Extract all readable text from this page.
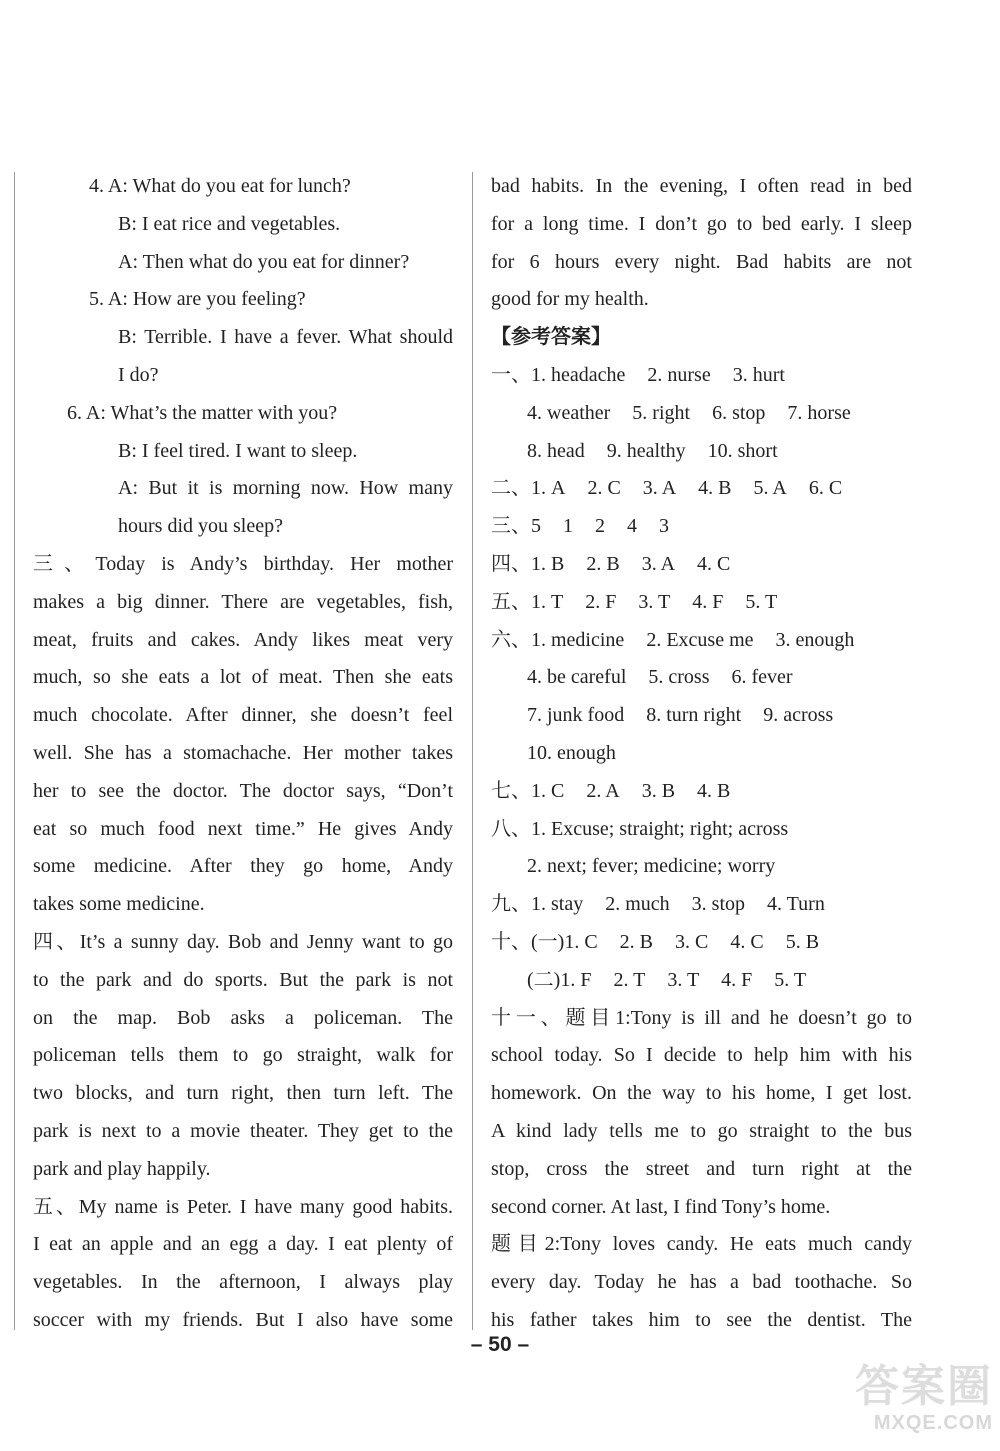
4. A: What do you eat for lunch?
B: I eat rice and vegetables.
A: Then what do you eat for dinner?
5. A: How are you feeling?
B: Terrible. I have a fever. What should
I do?
6. A: What’s the matter with you?
B: I feel tired. I want to sleep.
A: But it is morning now. How many
hours did you sleep?
三、Today is Andy’s birthday. Her mother
makes a big dinner. There are vegetables, fish,
meat, fruits and cakes. Andy likes meat very
much, so she eats a lot of meat. Then she eats
much chocolate. After dinner, she doesn’t feel
well. She has a stomachache. Her mother takes
her to see the doctor. The doctor says, “Don’t
eat so much food next time.” He gives Andy
some medicine. After they go home, Andy
takes some medicine.
四、It’s a sunny day. Bob and Jenny want to go
to the park and do sports. But the park is not
on the map. Bob asks a policeman. The
policeman tells them to go straight, walk for
two blocks, and turn right, then turn left. The
park is next to a movie theater. They get to the
park and play happily.
五、My name is Peter. I have many good habits.
I eat an apple and an egg a day. I eat plenty of
vegetables. In the afternoon, I always play
soccer with my friends. But I also have some
bad habits. In the evening, I often read in bed
for a long time. I don’t go to bed early. I sleep
for 6 hours every night. Bad habits are not
good for my health.
【参考答案】
一、1. headache 2. nurse 3. hurt
4. weather 5. right 6. stop 7. horse
8. head 9. healthy 10. short
二、1. A 2. C 3. A 4. B 5. A 6. C
三、5 1 2 4 3
四、1. B 2. B 3. A 4. C
五、1. T 2. F 3. T 4. F 5. T
六、1. medicine 2. Excuse me 3. enough
4. be careful 5. cross 6. fever
7. junk food 8. turn right 9. across
10. enough
七、1. C 2. A 3. B 4. B
八、1. Excuse; straight; right; across
2. next; fever; medicine; worry
九、1. stay 2. much 3. stop 4. Turn
十、(一)1. C 2. B 3. C 4. C 5. B
(二)1. F 2. T 3. T 4. F 5. T
十一、题目1:Tony is ill and he doesn’t go to
school today. So I decide to help him with his
homework. On the way to his home, I get lost.
A kind lady tells me to go straight to the bus
stop, cross the street and turn right at the
second corner. At last, I find Tony’s home.
题目2:Tony loves candy. He eats much candy
every day. Today he has a bad toothache. So
his father takes him to see the dentist. The
– 50 –
答案圈
MXQE.COM
